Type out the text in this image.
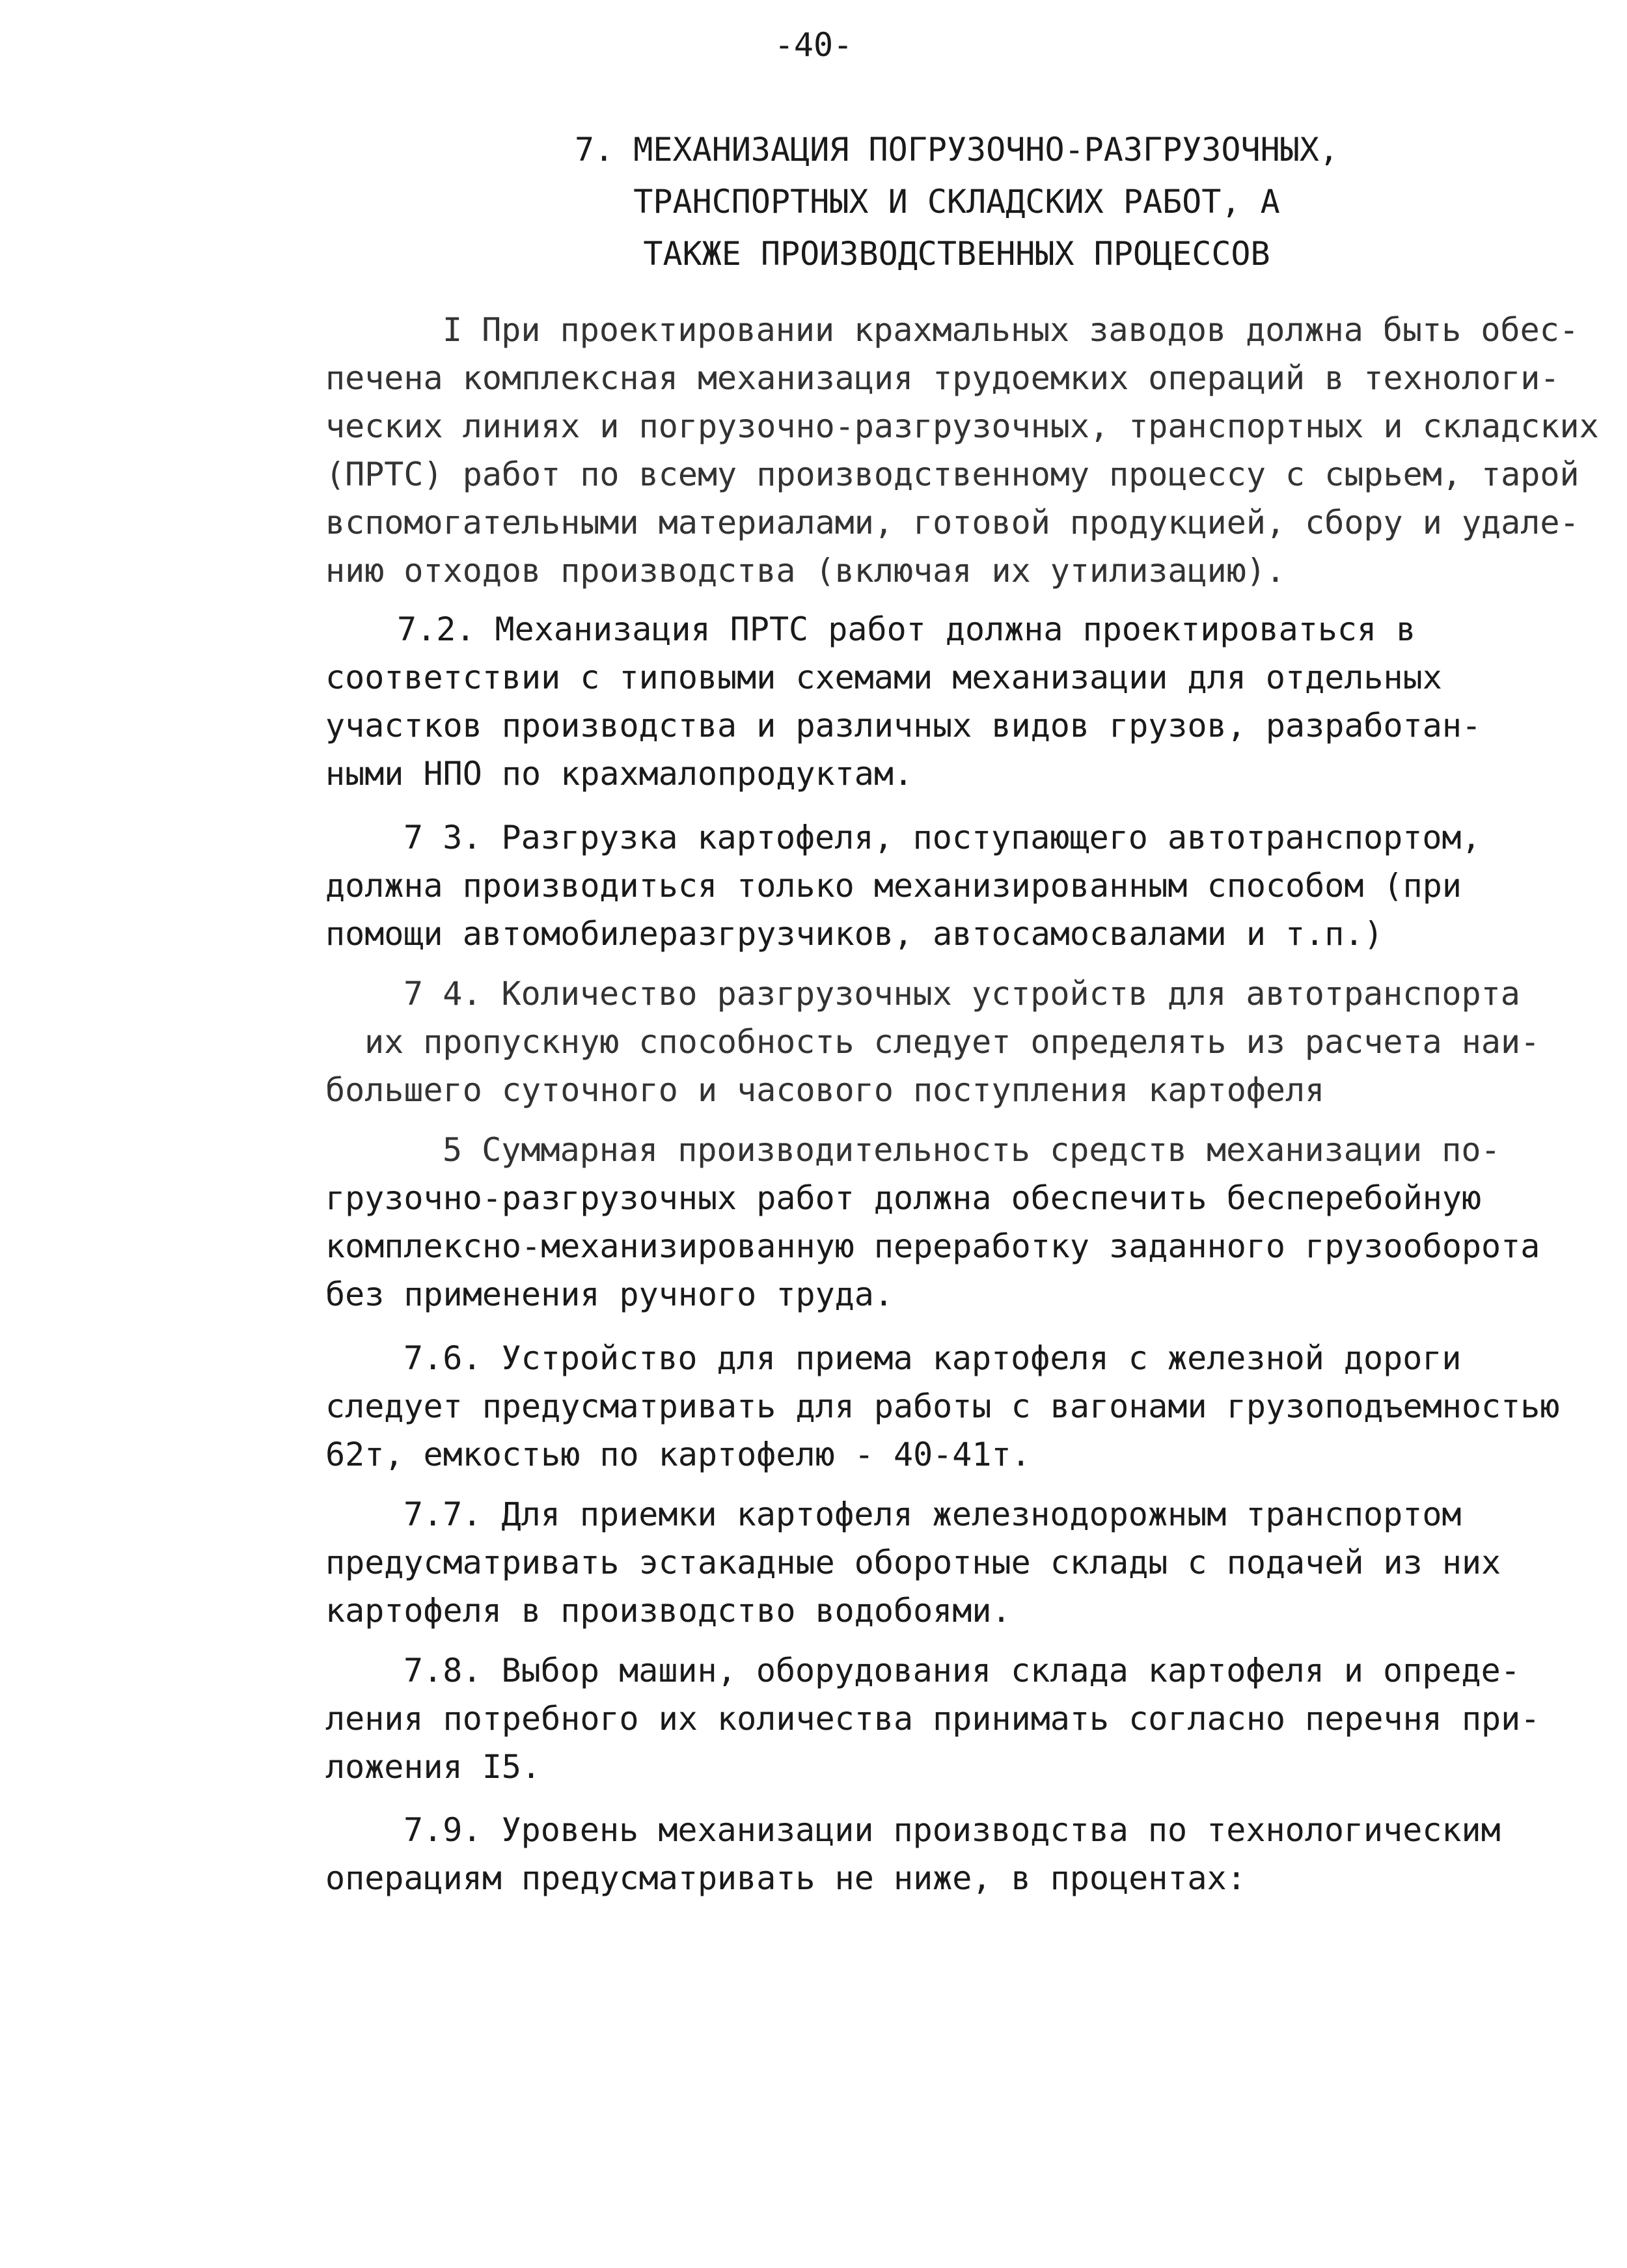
-40-
7. МЕХАНИЗАЦИЯ ПОГРУЗОЧНО-РАЗГРУЗОЧНЫХ,
ТРАНСПОРТНЫХ И СКЛАДСКИХ РАБОТ, А
ТАКЖЕ ПРОИЗВОДСТВЕННЫХ ПРОЦЕССОВ

I При проектировании крахмальных заводов должна быть обес-
печена комплексная механизация трудоемких операций в технологи-
ческих линиях и погрузочно-разгрузочных, транспортных и складских
(ПРТС) работ по всему производственному процессу с сырьем, тарой
вспомогательными материалами, готовой продукцией, сбору и удале-
нию отходов производства (включая их утилизацию).

7.2. Механизация ПРТС работ должна проектироваться в
соответствии с типовыми схемами механизации для отдельных
участков производства и различных видов грузов, разработан-
ными НПО по крахмалопродуктам.

7 3. Разгрузка картофеля, поступающего автотранспортом,
должна производиться только механизированным способом (при
помощи автомобилеразгрузчиков, автосамосвалами и т.п.)

7 4. Количество разгрузочных устройств для автотранспорта
их пропускную способность следует определять из расчета наи-
большего суточного и часового поступления картофеля

5 Суммарная производительность средств механизации по-
грузочно-разгрузочных работ должна обеспечить бесперебойную
комплексно-механизированную переработку заданного грузооборота
без применения ручного труда.

7.6. Устройство для приема картофеля с железной дороги
следует предусматривать для работы с вагонами грузоподъемностью
62т, емкостью по картофелю - 40-41т.

7.7. Для приемки картофеля железнодорожным транспортом
предусматривать эстакадные оборотные склады с подачей из них
картофеля в производство водобоями.

7.8. Выбор машин, оборудования склада картофеля и опреде-
ления потребного их количества принимать согласно перечня при-
ложения I5.

7.9. Уровень механизации производства по технологическим
операциям предусматривать не ниже, в процентах:
